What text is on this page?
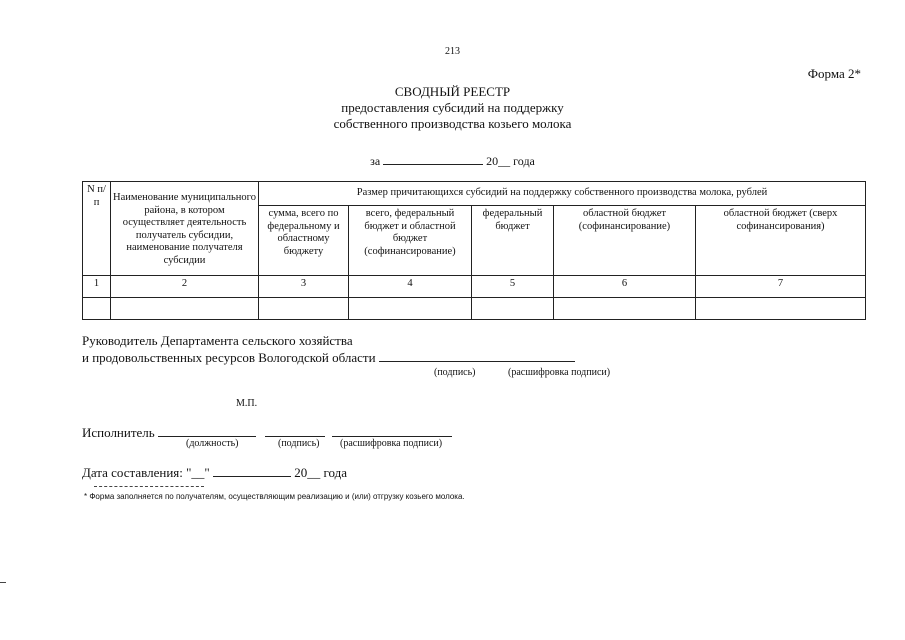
213
Форма 2*
СВОДНЫЙ РЕЕСТР
предоставления субсидий на поддержку
собственного производства козьего молока
за	20__ года
N п/п	Наименование муниципального района, в котором осуществляет деятельность получатель субсидии, наименование получателя субсидии	Размер причитающихся субсидий на поддержку собственного производства молока, рублей				
		сумма, всего по федеральному и областному бюджету	всего, федеральный бюджет и областной бюджет (софинансирование)	федеральный бюджет	областной бюджет (софинансирование)	областной бюджет (сверх софинансирования)
1	2	3	4	5	6	7

Руководитель Департамента сельского хозяйства
и продовольственных ресурсов Вологодской области
(подпись)	(расшифровка подписи)
М.П.
Исполнитель
(должность)	(подпись) (расшифровка подписи)
Дата составления: "__"	20__ года
* Форма заполняется по получателям, осуществляющим реализацию и (или) отгрузку козьего молока.
